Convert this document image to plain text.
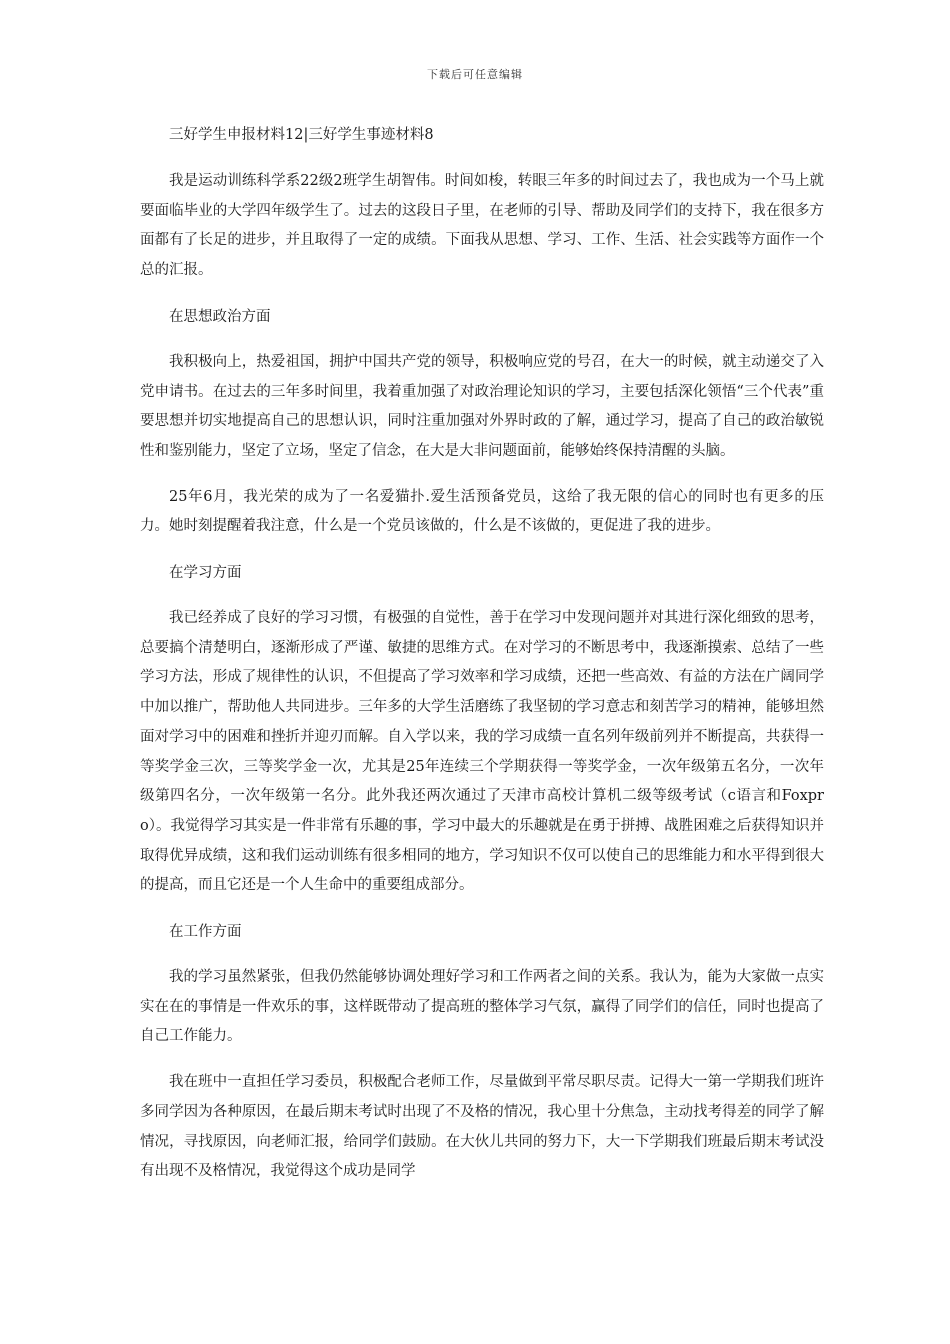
下载后可任意编辑
三好学生申报材料12|三好学生事迹材料8

我是运动训练科学系22级2班学生胡智伟。时间如梭，转眼三年多的时间过去了，我也成为一个马上就要面临毕业的大学四年级学生了。过去的这段日子里，在老师的引导、帮助及同学们的支持下，我在很多方面都有了长足的进步，并且取得了一定的成绩。下面我从思想、学习、工作、生活、社会实践等方面作一个总的汇报。

在思想政治方面

我积极向上，热爱祖国，拥护中国共产党的领导，积极响应党的号召，在大一的时候，就主动递交了入党申请书。在过去的三年多时间里，我着重加强了对政治理论知识的学习，主要包括深化领悟“三个代表”重要思想并切实地提高自己的思想认识，同时注重加强对外界时政的了解，通过学习，提高了自己的政治敏锐性和鉴别能力，坚定了立场，坚定了信念，在大是大非问题面前，能够始终保持清醒的头脑。

25年6月，我光荣的成为了一名爱猫扑.爱生活预备党员，这给了我无限的信心的同时也有更多的压力。她时刻提醒着我注意，什么是一个党员该做的，什么是不该做的，更促进了我的进步。

在学习方面

我已经养成了良好的学习习惯，有极强的自觉性，善于在学习中发现问题并对其进行深化细致的思考，总要搞个清楚明白，逐渐形成了严谨、敏捷的思维方式。在对学习的不断思考中，我逐渐摸索、总结了一些学习方法，形成了规律性的认识，不但提高了学习效率和学习成绩，还把一些高效、有益的方法在广阔同学中加以推广，帮助他人共同进步。三年多的大学生活磨练了我坚韧的学习意志和刻苦学习的精神，能够坦然面对学习中的困难和挫折并迎刃而解。自入学以来，我的学习成绩一直名列年级前列并不断提高，共获得一等奖学金三次，三等奖学金一次，尤其是25年连续三个学期获得一等奖学金，一次年级第五名分，一次年级第四名分，一次年级第一名分。此外我还两次通过了天津市高校计算机二级等级考试（c语言和Foxpro）。我觉得学习其实是一件非常有乐趣的事，学习中最大的乐趣就是在勇于拼搏、战胜困难之后获得知识并取得优异成绩，这和我们运动训练有很多相同的地方，学习知识不仅可以使自己的思维能力和水平得到很大的提高，而且它还是一个人生命中的重要组成部分。

在工作方面

我的学习虽然紧张，但我仍然能够协调处理好学习和工作两者之间的关系。我认为，能为大家做一点实实在在的事情是一件欢乐的事，这样既带动了提高班的整体学习气氛，赢得了同学们的信任，同时也提高了自己工作能力。

我在班中一直担任学习委员，积极配合老师工作，尽量做到平常尽职尽责。记得大一第一学期我们班许多同学因为各种原因，在最后期末考试时出现了不及格的情况，我心里十分焦急，主动找考得差的同学了解情况，寻找原因，向老师汇报，给同学们鼓励。在大伙儿共同的努力下，大一下学期我们班最后期末考试没有出现不及格情况，我觉得这个成功是同学
